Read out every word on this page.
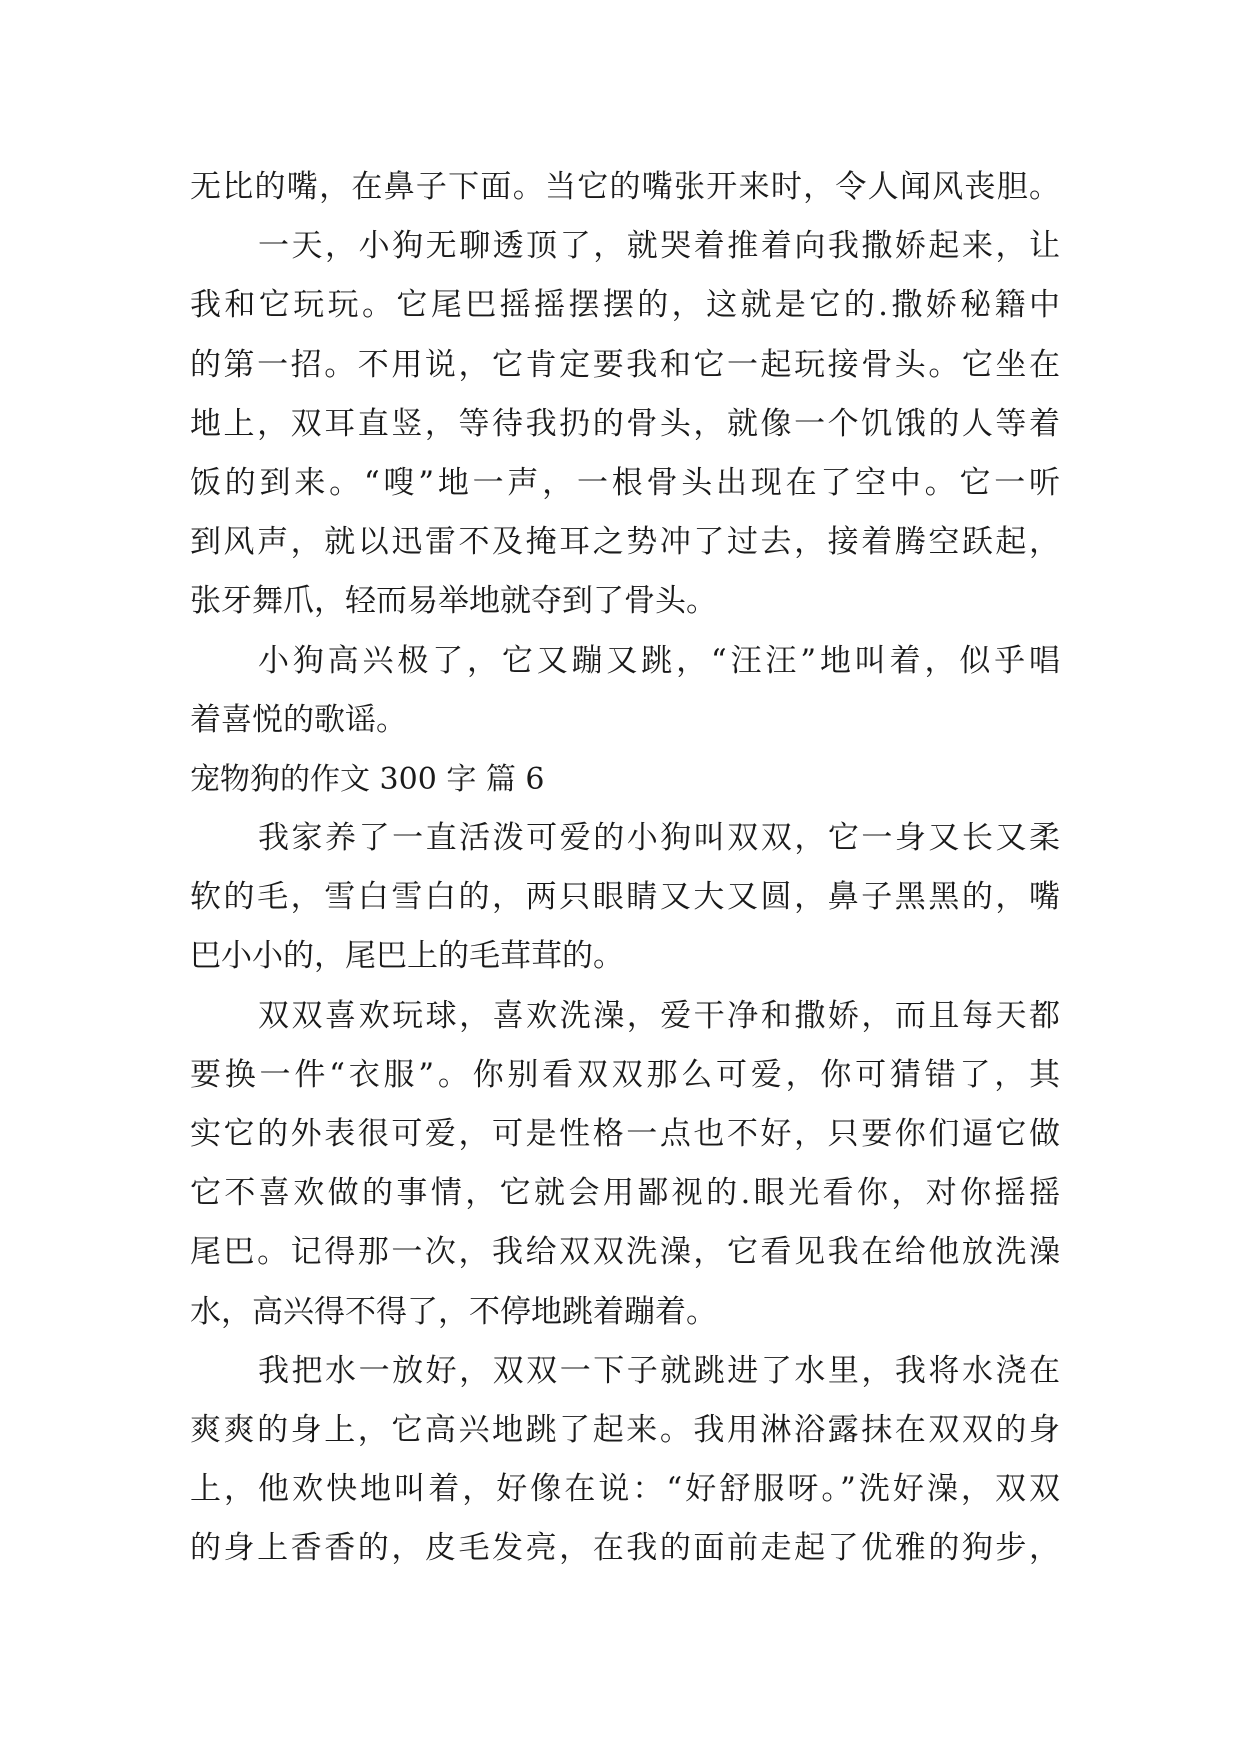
无比的嘴，在鼻子下面。当它的嘴张开来时，令人闻风丧胆。
一天，小狗无聊透顶了，就哭着推着向我撒娇起来，让
我和它玩玩。它尾巴摇摇摆摆的，这就是它的.撒娇秘籍中
的第一招。不用说，它肯定要我和它一起玩接骨头。它坐在
地上，双耳直竖，等待我扔的骨头，就像一个饥饿的人等着
饭的到来。“嗖”地一声，一根骨头出现在了空中。它一听
到风声，就以迅雷不及掩耳之势冲了过去，接着腾空跃起，
张牙舞爪，轻而易举地就夺到了骨头。
小狗高兴极了，它又蹦又跳，“汪汪”地叫着，似乎唱
着喜悦的歌谣。
宠物狗的作文 300 字 篇 6
我家养了一直活泼可爱的小狗叫双双，它一身又长又柔
软的毛，雪白雪白的，两只眼睛又大又圆，鼻子黑黑的，嘴
巴小小的，尾巴上的毛茸茸的。
双双喜欢玩球，喜欢洗澡，爱干净和撒娇，而且每天都
要换一件“衣服”。你别看双双那么可爱，你可猜错了，其
实它的外表很可爱，可是性格一点也不好，只要你们逼它做
它不喜欢做的事情，它就会用鄙视的.眼光看你，对你摇摇
尾巴。记得那一次，我给双双洗澡，它看见我在给他放洗澡
水，高兴得不得了，不停地跳着蹦着。
我把水一放好，双双一下子就跳进了水里，我将水浇在
爽爽的身上，它高兴地跳了起来。我用淋浴露抹在双双的身
上，他欢快地叫着，好像在说：“好舒服呀。”洗好澡，双双
的身上香香的，皮毛发亮，在我的面前走起了优雅的狗步，
